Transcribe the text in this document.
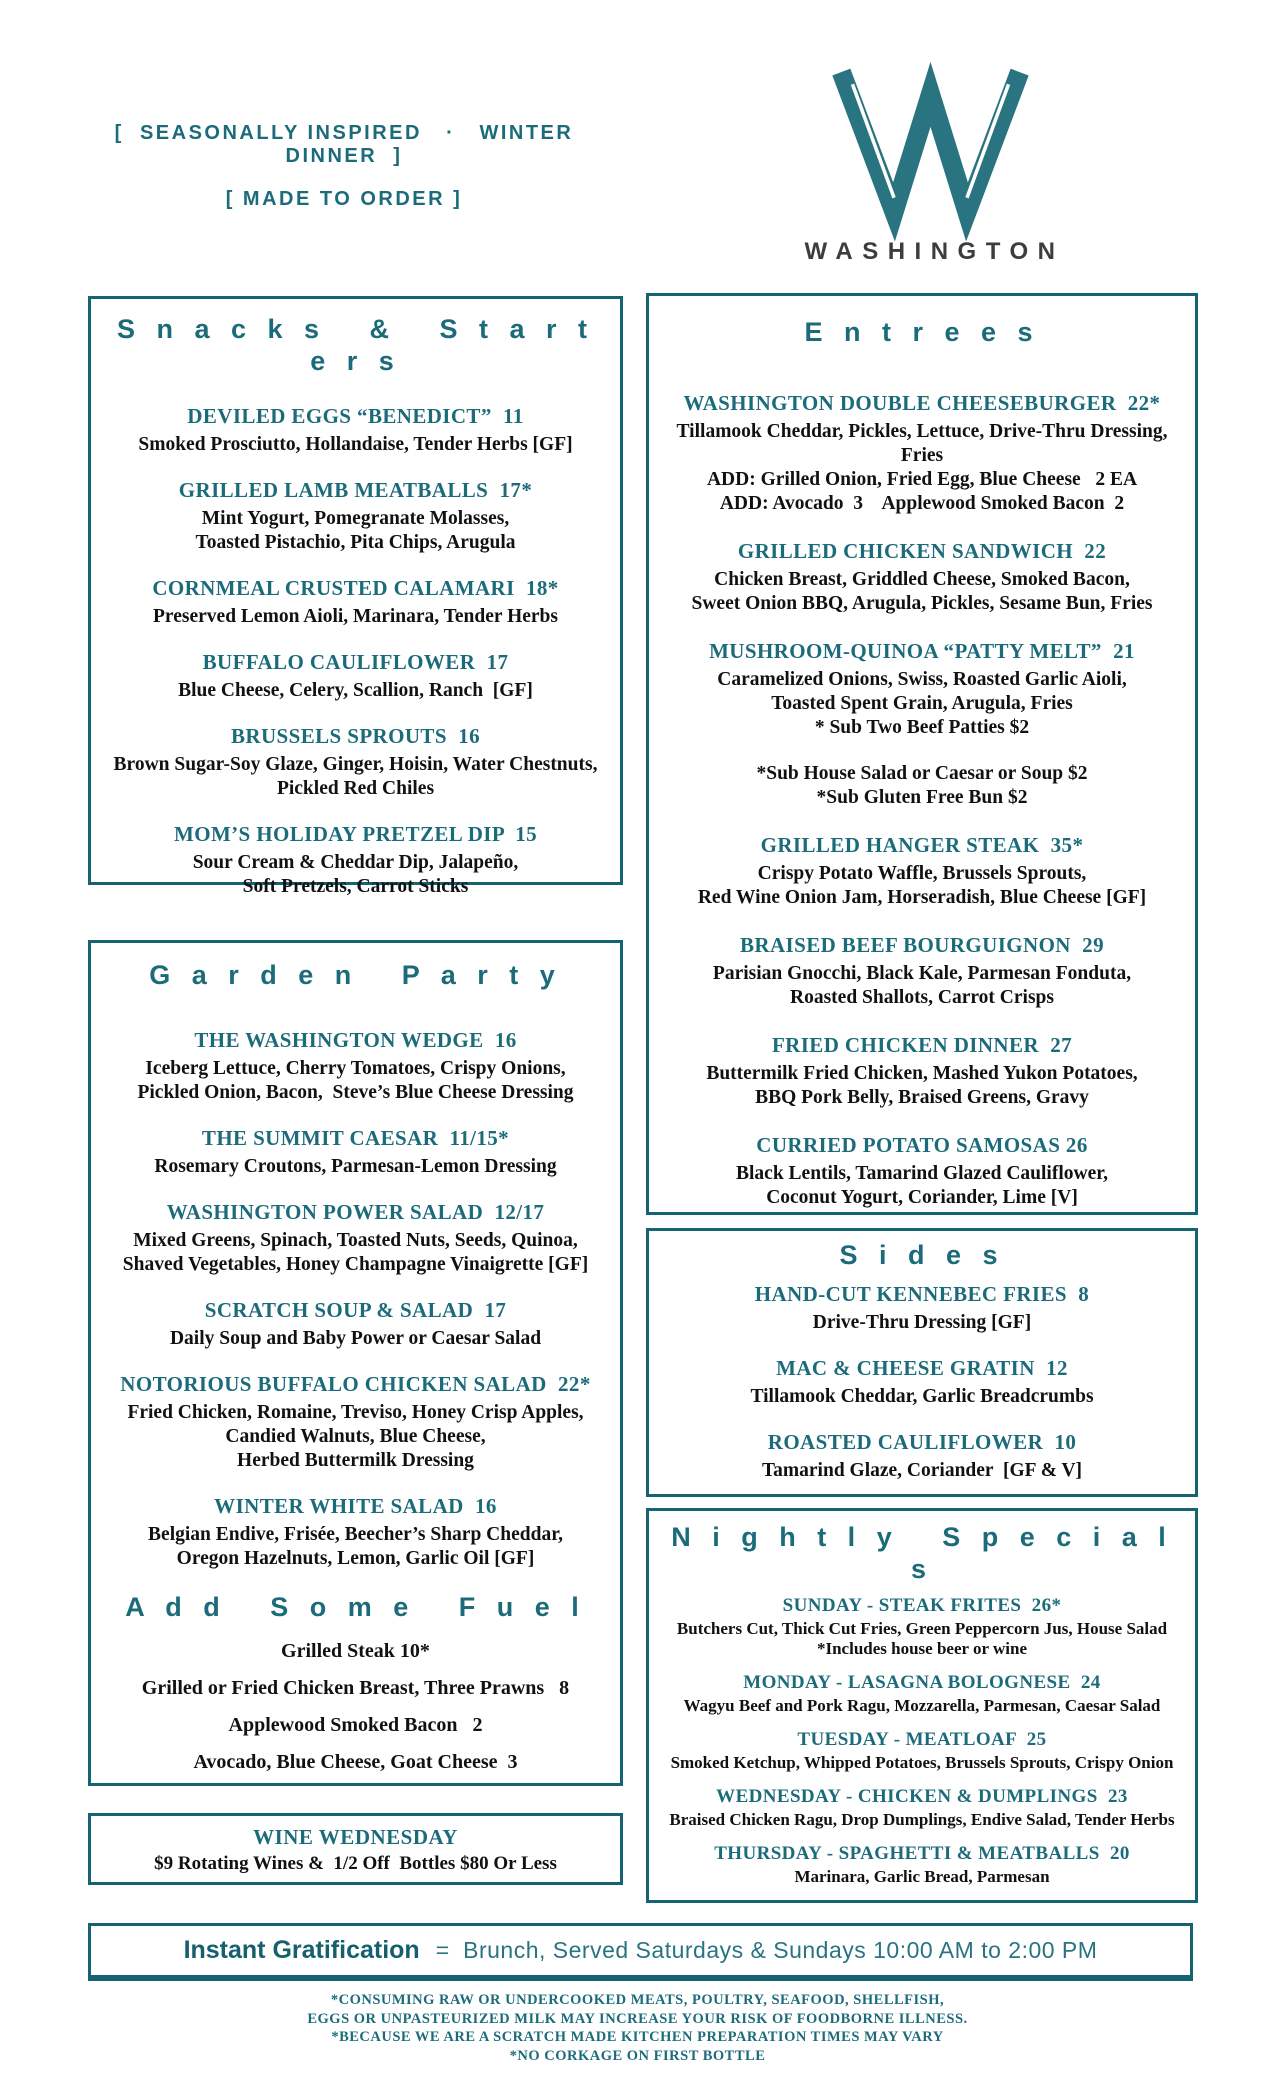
[  SEASONALLY INSPIRED   ·   WINTER DINNER  ]

[ MADE TO ORDER ]

WASHINGTON
S n a c k s   &   S t a r t e r s

DEVILED EGGS “BENEDICT”  11

Smoked Prosciutto, Hollandaise, Tender Herbs [GF]

GRILLED LAMB MEATBALLS  17*

Mint Yogurt, Pomegranate Molasses,

Toasted Pistachio, Pita Chips, Arugula

CORNMEAL CRUSTED CALAMARI  18*

Preserved Lemon Aioli, Marinara, Tender Herbs

BUFFALO CAULIFLOWER  17

Blue Cheese, Celery, Scallion, Ranch  [GF]

BRUSSELS SPROUTS  16

Brown Sugar-Soy Glaze, Ginger, Hoisin, Water Chestnuts,

Pickled Red Chiles

MOM’S HOLIDAY PRETZEL DIP  15

Sour Cream & Cheddar Dip, Jalapeño,

Soft Pretzels, Carrot Sticks

G a r d e n   P a r t y

THE WASHINGTON WEDGE  16

Iceberg Lettuce, Cherry Tomatoes, Crispy Onions,

Pickled Onion, Bacon,  Steve’s Blue Cheese Dressing

THE SUMMIT CAESAR  11/15*

Rosemary Croutons, Parmesan-Lemon Dressing

WASHINGTON POWER SALAD  12/17

Mixed Greens, Spinach, Toasted Nuts, Seeds, Quinoa,

Shaved Vegetables, Honey Champagne Vinaigrette [GF]

SCRATCH SOUP & SALAD  17

Daily Soup and Baby Power or Caesar Salad

NOTORIOUS BUFFALO CHICKEN SALAD  22*

Fried Chicken, Romaine, Treviso, Honey Crisp Apples,

Candied Walnuts, Blue Cheese,

Herbed Buttermilk Dressing

WINTER WHITE SALAD  16

Belgian Endive, Frisée, Beecher’s Sharp Cheddar,

Oregon Hazelnuts, Lemon, Garlic Oil [GF]

A d d   S o m e   F u e l

Grilled Steak 10*

Grilled or Fried Chicken Breast, Three Prawns   8

Applewood Smoked Bacon   2

Avocado, Blue Cheese, Goat Cheese  3

WINE WEDNESDAY

$9 Rotating Wines &  1/2 Off  Bottles $80 Or Less

E n t r e e s

WASHINGTON DOUBLE CHEESEBURGER  22*

Tillamook Cheddar, Pickles, Lettuce, Drive-Thru Dressing, Fries

ADD: Grilled Onion, Fried Egg, Blue Cheese   2 EA

ADD: Avocado  3    Applewood Smoked Bacon  2

GRILLED CHICKEN SANDWICH  22

Chicken Breast, Griddled Cheese, Smoked Bacon,

Sweet Onion BBQ, Arugula, Pickles, Sesame Bun, Fries

MUSHROOM-QUINOA “PATTY MELT”  21

Caramelized Onions, Swiss, Roasted Garlic Aioli,

Toasted Spent Grain, Arugula, Fries

* Sub Two Beef Patties $2

*Sub House Salad or Caesar or Soup $2

*Sub Gluten Free Bun $2

GRILLED HANGER STEAK  35*

Crispy Potato Waffle, Brussels Sprouts,

Red Wine Onion Jam, Horseradish, Blue Cheese [GF]

BRAISED BEEF BOURGUIGNON  29

Parisian Gnocchi, Black Kale, Parmesan Fonduta,

Roasted Shallots, Carrot Crisps

FRIED CHICKEN DINNER  27

Buttermilk Fried Chicken, Mashed Yukon Potatoes,

BBQ Pork Belly, Braised Greens, Gravy

CURRIED POTATO SAMOSAS 26

Black Lentils, Tamarind Glazed Cauliflower,

Coconut Yogurt, Coriander, Lime [V]

S i d e s

HAND-CUT KENNEBEC FRIES  8

Drive-Thru Dressing [GF]

MAC & CHEESE GRATIN  12

Tillamook Cheddar, Garlic Breadcrumbs

ROASTED CAULIFLOWER  10

Tamarind Glaze, Coriander  [GF & V]

N i g h t l y   S p e c i a l s

SUNDAY - STEAK FRITES  26*

Butchers Cut, Thick Cut Fries, Green Peppercorn Jus, House Salad

*Includes house beer or wine

MONDAY - LASAGNA BOLOGNESE  24

Wagyu Beef and Pork Ragu, Mozzarella, Parmesan, Caesar Salad

TUESDAY - MEATLOAF  25

Smoked Ketchup, Whipped Potatoes, Brussels Sprouts, Crispy Onion

WEDNESDAY - CHICKEN & DUMPLINGS  23

Braised Chicken Ragu, Drop Dumplings, Endive Salad, Tender Herbs

THURSDAY - SPAGHETTI & MEATBALLS  20

Marinara, Garlic Bread, Parmesan

Instant Gratification = Brunch, Served Saturdays & Sundays 10:00 AM to 2:00 PM

*CONSUMING RAW OR UNDERCOOKED MEATS, POULTRY, SEAFOOD, SHELLFISH,

EGGS OR UNPASTEURIZED MILK MAY INCREASE YOUR RISK OF FOODBORNE ILLNESS.

*BECAUSE WE ARE A SCRATCH MADE KITCHEN PREPARATION TIMES MAY VARY

*NO CORKAGE ON FIRST BOTTLE
